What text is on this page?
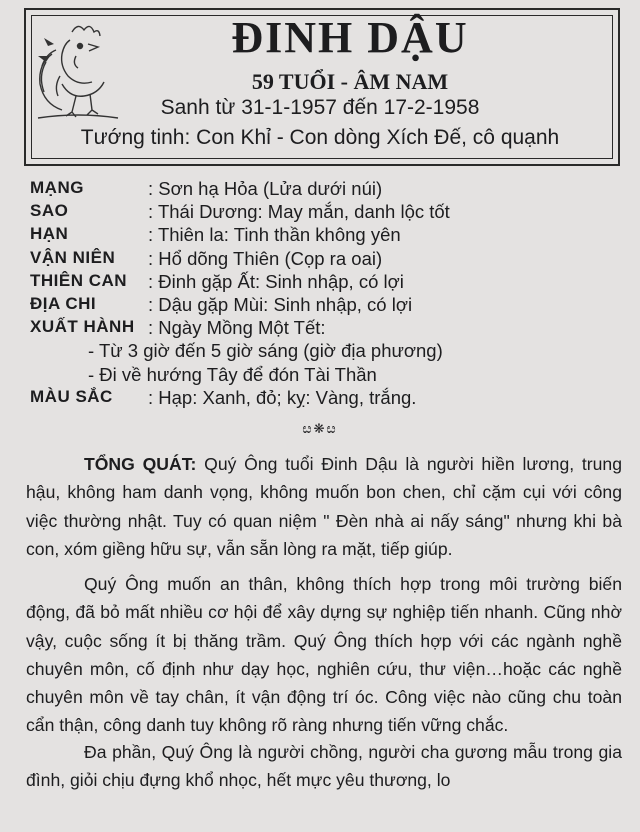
ĐINH DẬU
59 TUỔI - ÂM NAM
Sanh từ 31-1-1957 đến 17-2-1958
Tướng tinh: Con Khỉ - Con dòng Xích Đế, cô quạnh
MẠNG	: Sơn hạ Hỏa (Lửa dưới núi)
SAO	: Thái Dương: May mắn, danh lộc tốt
HẠN	: Thiên la: Tinh thần không yên
VẬN NIÊN : Hổ dõng Thiên (Cọp ra oai)
THIÊN CAN : Đinh gặp Ất: Sinh nhập, có lợi
ĐỊA CHI	: Dậu gặp Mùi: Sinh nhập, có lợi
XUẤT HÀNH : Ngày Mồng Một Tết:
- Từ 3 giờ đến 5 giờ sáng (giờ địa phương)
- Đi về hướng Tây để đón Tài Thần
MÀU SẮC : Hạp: Xanh, đỏ; kỵ: Vàng, trắng.
ೞ❋ೞ

TỔNG QUÁT: Quý Ông tuổi Đinh Dậu là người hiền lương, trung hậu, không ham danh vọng, không muốn bon chen, chỉ cặm cụi với công việc thường nhật. Tuy có quan niệm " Đèn nhà ai nấy sáng" nhưng khi bà con, xóm giềng hữu sự, vẫn sẵn lòng ra mặt, tiếp giúp.

Quý Ông muốn an thân, không thích hợp trong môi trường biến động, đã bỏ mất nhiều cơ hội để xây dựng sự nghiệp tiến nhanh. Cũng nhờ vậy, cuộc sống ít bị thăng trầm. Quý Ông thích hợp với các ngành nghề chuyên môn, cố định như dạy học, nghiên cứu, thư viện…hoặc các nghề chuyên môn về tay chân, ít vận động trí óc. Công việc nào cũng chu toàn cẩn thận, công danh tuy không rõ ràng nhưng tiến vững chắc.

Đa phần, Quý Ông là người chồng, người cha gương mẫu trong gia đình, giỏi chịu đựng khổ nhọc, hết mực yêu thương, lo
